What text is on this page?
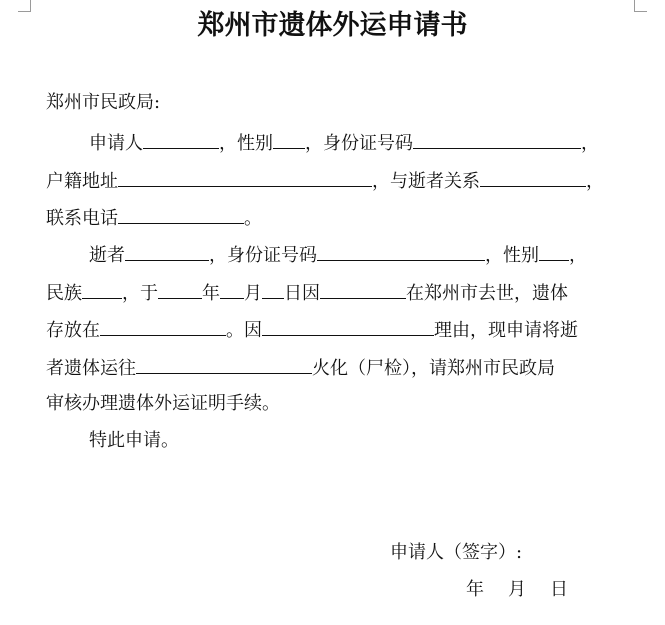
郑州市遗体外运申请书
郑州市民政局:
申请人	，性别 ，身份证号码	，
户籍地址	，与逝者关系	，
联系电话	。
逝者	，身份证号码	，性别 ，
民族 ，于 年 月 日因	在郑州市去世，遗体
存放在	。因	理由，现申请将逝
者遗体运往	火化（尸检），请郑州市民政局
审核办理遗体外运证明手续。
特此申请。
申请人（签字）:
年 月 日
